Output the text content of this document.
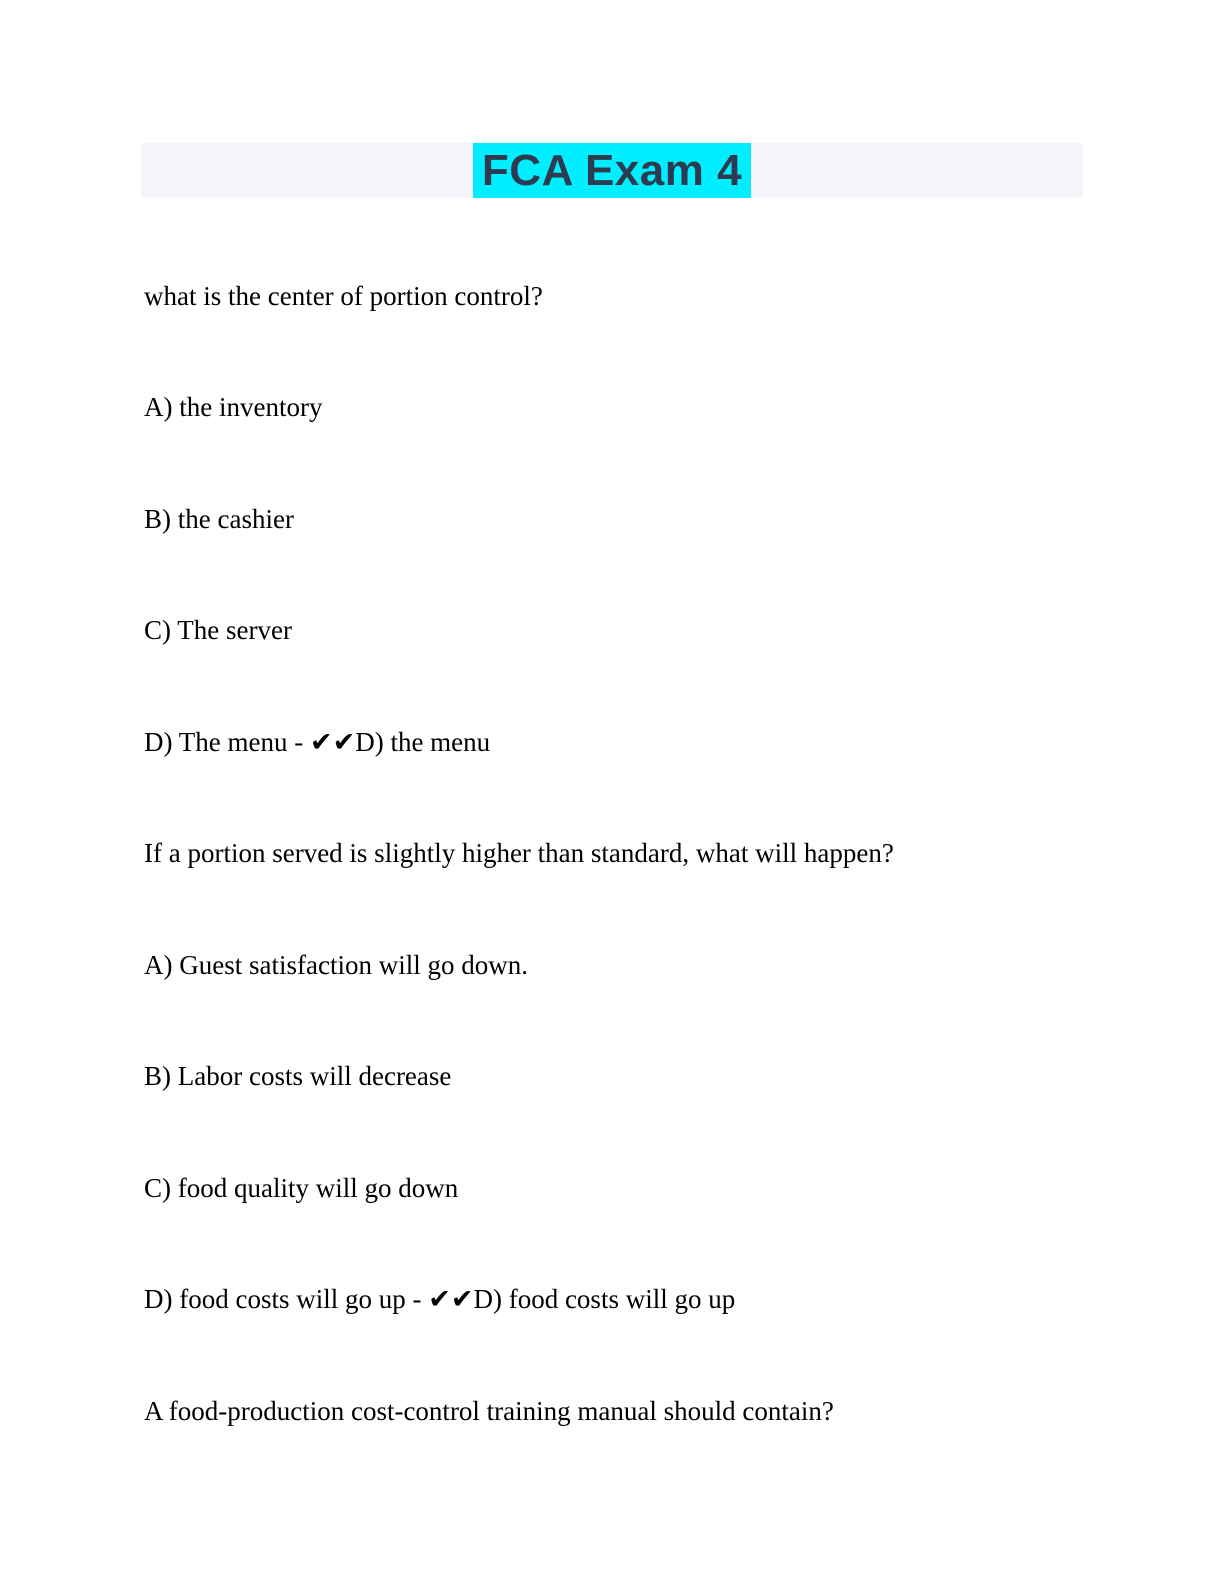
FCA Exam 4

what is the center of portion control?

A) the inventory

B) the cashier

C) The server

D) The menu - ✔✔D) the menu

If a portion served is slightly higher than standard, what will happen?

A) Guest satisfaction will go down.

B) Labor costs will decrease

C) food quality will go down

D) food costs will go up - ✔✔D) food costs will go up

A food-production cost-control training manual should contain?
